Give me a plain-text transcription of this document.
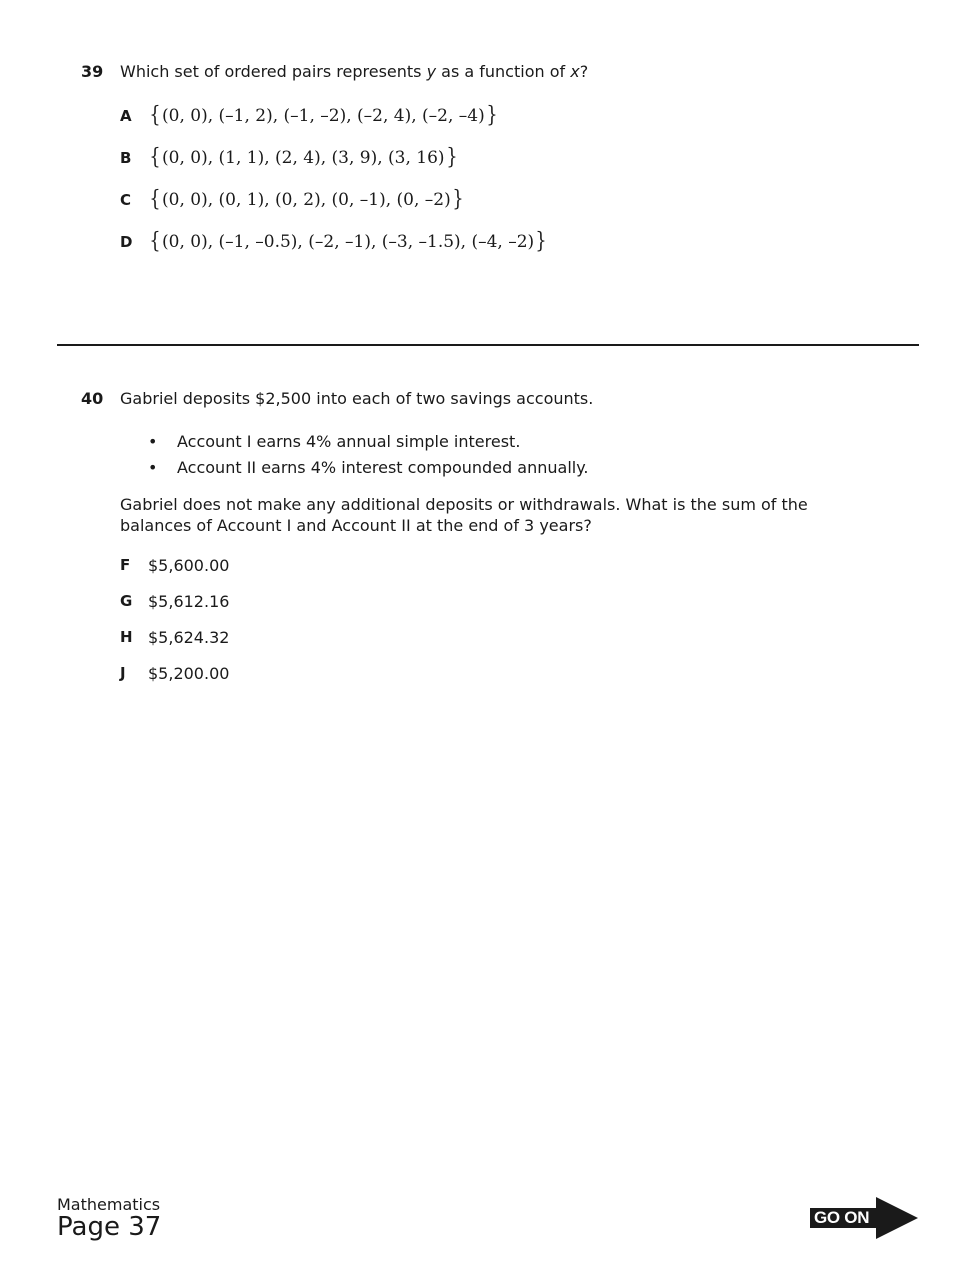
39 Which set of ordered pairs represents y as a function of x?
A { (0, 0), (–1, 2), (–1, –2), (–2, 4), (–2, –4) }
B { (0, 0), (1, 1), (2, 4), (3, 9), (3, 16) }
C { (0, 0), (0, 1), (0, 2), (0, –1), (0, –2) }
D { (0, 0), (–1, –0.5), (–2, –1), (–3, –1.5), (–4, –2) }
40 Gabriel deposits $2,500 into each of two savings accounts.
•	Account I earns 4% annual simple interest.
•	Account II earns 4% interest compounded annually.
Gabriel does not make any additional deposits or withdrawals. What is the sum of the balances of Account I and Account II at the end of 3 years?
F	$5,600.00
G $5,612.16
H $5,624.32
J	$5,200.00
Mathematics
Page 37	GO ON
